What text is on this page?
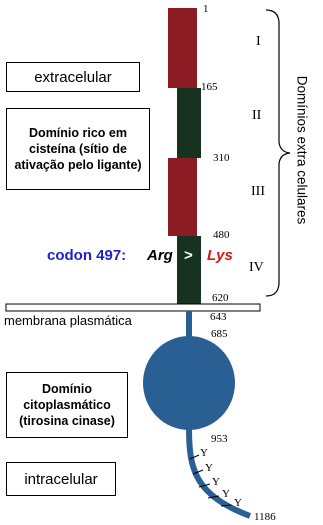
1
165
310
480
620
643
685
953
1186
I
II
III
IV
Domínios extra celulares
extracelular
Domínio rico em cisteína (sítio de ativação pelo ligante)
Domínio citoplasmático (tirosina cinase)
intracelular
membrana plasmática
codon 497: Arg > Lys
Y
Y
Y
Y
Y
